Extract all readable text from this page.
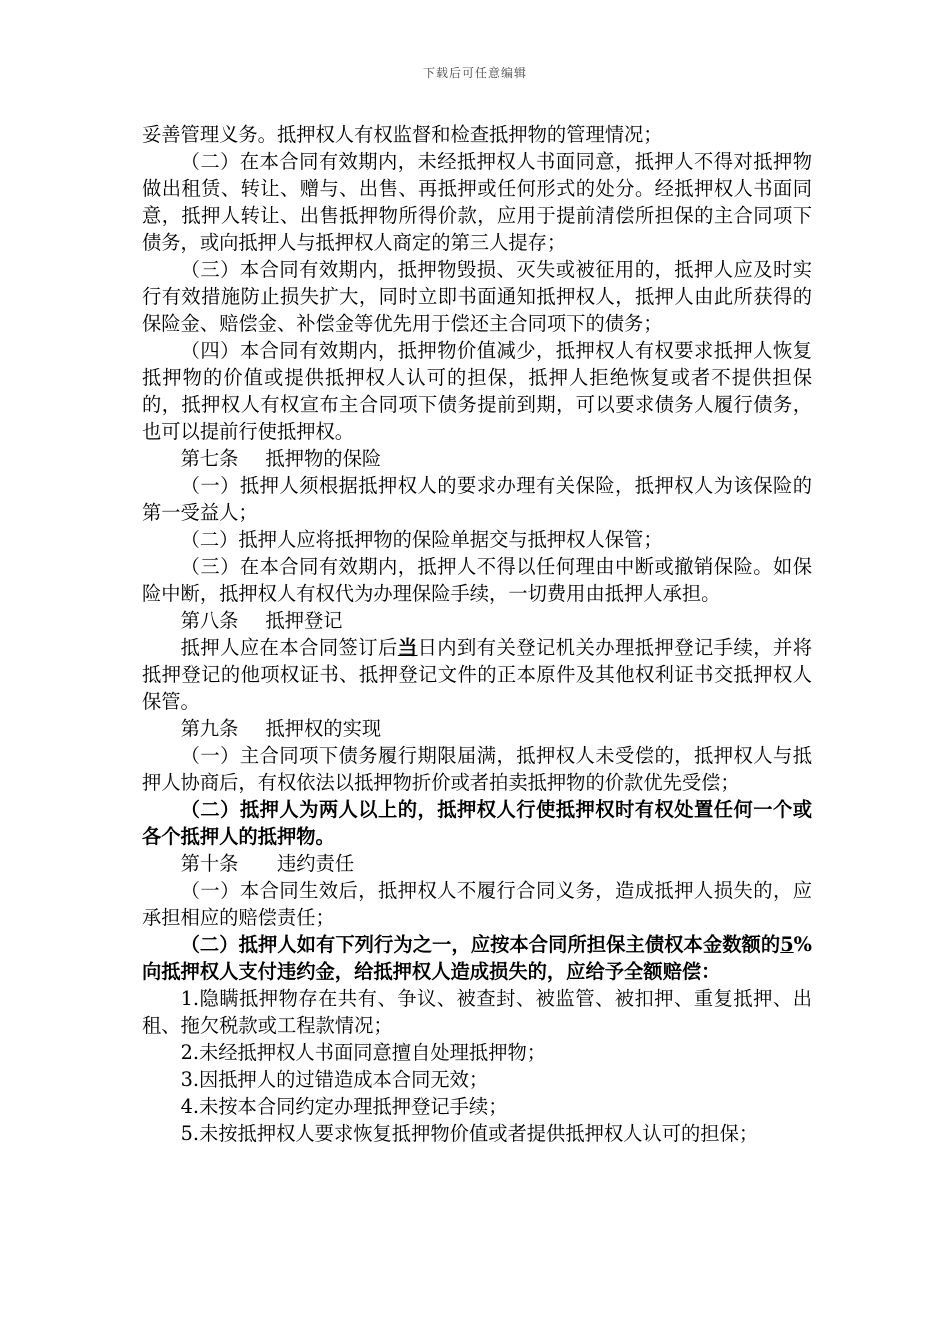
下载后可任意编辑

妥善管理义务。抵押权人有权监督和检查抵押物的管理情况；

（二）在本合同有效期内，未经抵押权人书面同意，抵押人不得对抵押物做出租赁、转让、赠与、出售、再抵押或任何形式的处分。经抵押权人书面同意，抵押人转让、出售抵押物所得价款，应用于提前清偿所担保的主合同项下债务，或向抵押人与抵押权人商定的第三人提存；

（三）本合同有效期内，抵押物毁损、灭失或被征用的，抵押人应及时实行有效措施防止损失扩大，同时立即书面通知抵押权人，抵押人由此所获得的保险金、赔偿金、补偿金等优先用于偿还主合同项下的债务；

（四）本合同有效期内，抵押物价值减少，抵押权人有权要求抵押人恢复抵押物的价值或提供抵押权人认可的担保，抵押人拒绝恢复或者不提供担保的，抵押权人有权宣布主合同项下债务提前到期，可以要求债务人履行债务，也可以提前行使抵押权。

第七条 抵押物的保险

（一）抵押人须根据抵押权人的要求办理有关保险，抵押权人为该保险的第一受益人；

（二）抵押人应将抵押物的保险单据交与抵押权人保管；

（三）在本合同有效期内，抵押人不得以任何理由中断或撤销保险。如保险中断，抵押权人有权代为办理保险手续，一切费用由抵押人承担。

第八条 抵押登记

抵押人应在本合同签订后当日内到有关登记机关办理抵押登记手续，并将抵押登记的他项权证书、抵押登记文件的正本原件及其他权利证书交抵押权人保管。

第九条 抵押权的实现

（一）主合同项下债务履行期限届满，抵押权人未受偿的，抵押权人与抵押人协商后，有权依法以抵押物折价或者拍卖抵押物的价款优先受偿；

（二）抵押人为两人以上的，抵押权人行使抵押权时有权处置任何一个或各个抵押人的抵押物。

第十条 违约责任

（一）本合同生效后，抵押权人不履行合同义务，造成抵押人损失的，应承担相应的赔偿责任；

（二）抵押人如有下列行为之一，应按本合同所担保主债权本金数额的5%向抵押权人支付违约金，给抵押权人造成损失的，应给予全额赔偿：

1.隐瞒抵押物存在共有、争议、被查封、被监管、被扣押、重复抵押、出租、拖欠税款或工程款情况；

2.未经抵押权人书面同意擅自处理抵押物；

3.因抵押人的过错造成本合同无效；

4.未按本合同约定办理抵押登记手续；

5.未按抵押权人要求恢复抵押物价值或者提供抵押权人认可的担保；
